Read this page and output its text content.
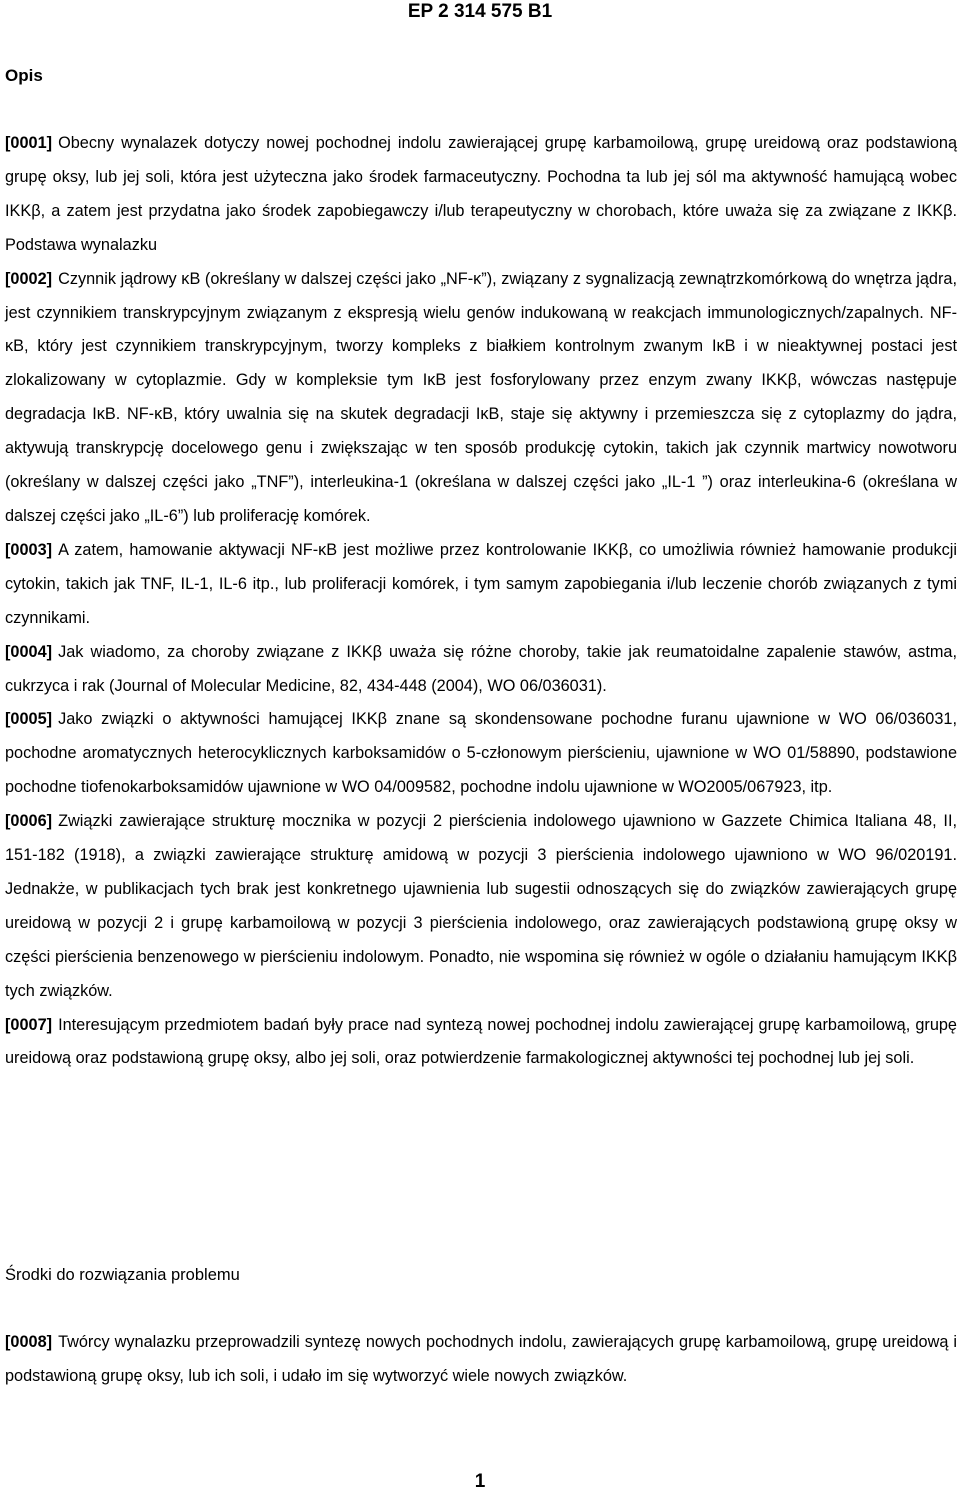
EP 2 314 575 B1
Opis

[0001] Obecny wynalazek dotyczy nowej pochodnej indolu zawierającej grupę karbamoilową, grupę ureidową oraz podstawioną grupę oksy, lub jej soli, która jest użyteczna jako środek farmaceutyczny. Pochodna ta lub jej sól ma aktywność hamującą wobec IKKβ, a zatem jest przydatna jako środek zapobiegawczy i/lub terapeutyczny w chorobach, które uważa się za związane z IKKβ. Podstawa wynalazku

[0002] Czynnik jądrowy κB (określany w dalszej części jako „NF-κ”), związany z sygnalizacją zewnątrzkomórkową do wnętrza jądra, jest czynnikiem transkrypcyjnym związanym z ekspresją wielu genów indukowaną w reakcjach immunologicznych/zapalnych. NF-κB, który jest czynnikiem transkrypcyjnym, tworzy kompleks z białkiem kontrolnym zwanym IκB i w nieaktywnej postaci jest zlokalizowany w cytoplazmie. Gdy w kompleksie tym IκB jest fosforylowany przez enzym zwany IKKβ, wówczas następuje degradacja IκB. NF-κB, który uwalnia się na skutek degradacji IκB, staje się aktywny i przemieszcza się z cytoplazmy do jądra, aktywują transkrypcję docelowego genu i zwiększając w ten sposób produkcję cytokin, takich jak czynnik martwicy nowotworu (określany w dalszej części jako „TNF”), interleukina-1 (określana w dalszej części jako „IL-1 ”) oraz interleukina-6 (określana w dalszej części jako „IL-6”) lub proliferację komórek.

[0003] A zatem, hamowanie aktywacji NF-κB jest możliwe przez kontrolowanie IKKβ, co umożliwia również hamowanie produkcji cytokin, takich jak TNF, IL-1, IL-6 itp., lub proliferacji komórek, i tym samym zapobiegania i/lub leczenie chorób związanych z tymi czynnikami.

[0004] Jak wiadomo, za choroby związane z IKKβ uważa się różne choroby, takie jak reumatoidalne zapalenie stawów, astma, cukrzyca i rak (Journal of Molecular Medicine, 82, 434-448 (2004), WO 06/036031).

[0005] Jako związki o aktywności hamującej IKKβ znane są skondensowane pochodne furanu ujawnione w WO 06/036031, pochodne aromatycznych heterocyklicznych karboksamidów o 5-członowym pierścieniu, ujawnione w WO 01/58890, podstawione pochodne tiofenokarboksamidów ujawnione w WO 04/009582, pochodne indolu ujawnione w WO2005/067923, itp.

[0006] Związki zawierające strukturę mocznika w pozycji 2 pierścienia indolowego ujawniono w Gazzete Chimica Italiana 48, II, 151-182 (1918), a związki zawierające strukturę amidową w pozycji 3 pierścienia indolowego ujawniono w WO 96/020191. Jednakże, w publikacjach tych brak jest konkretnego ujawnienia lub sugestii odnoszących się do związków zawierających grupę ureidową w pozycji 2 i grupę karbamoilową w pozycji 3 pierścienia indolowego, oraz zawierających podstawioną grupę oksy w części pierścienia benzenowego w pierścieniu indolowym. Ponadto, nie wspomina się również w ogóle o działaniu hamującym IKKβ tych związków.

[0007] Interesującym przedmiotem badań były prace nad syntezą nowej pochodnej indolu zawierającej grupę karbamoilową, grupę ureidową oraz podstawioną grupę oksy, albo jej soli, oraz potwierdzenie farmakologicznej aktywności tej pochodnej lub jej soli.

Środki do rozwiązania problemu

[0008] Twórcy wynalazku przeprowadzili syntezę nowych pochodnych indolu, zawierających grupę karbamoilową, grupę ureidową i podstawioną grupę oksy, lub ich soli, i udało im się wytworzyć wiele nowych związków.

1
